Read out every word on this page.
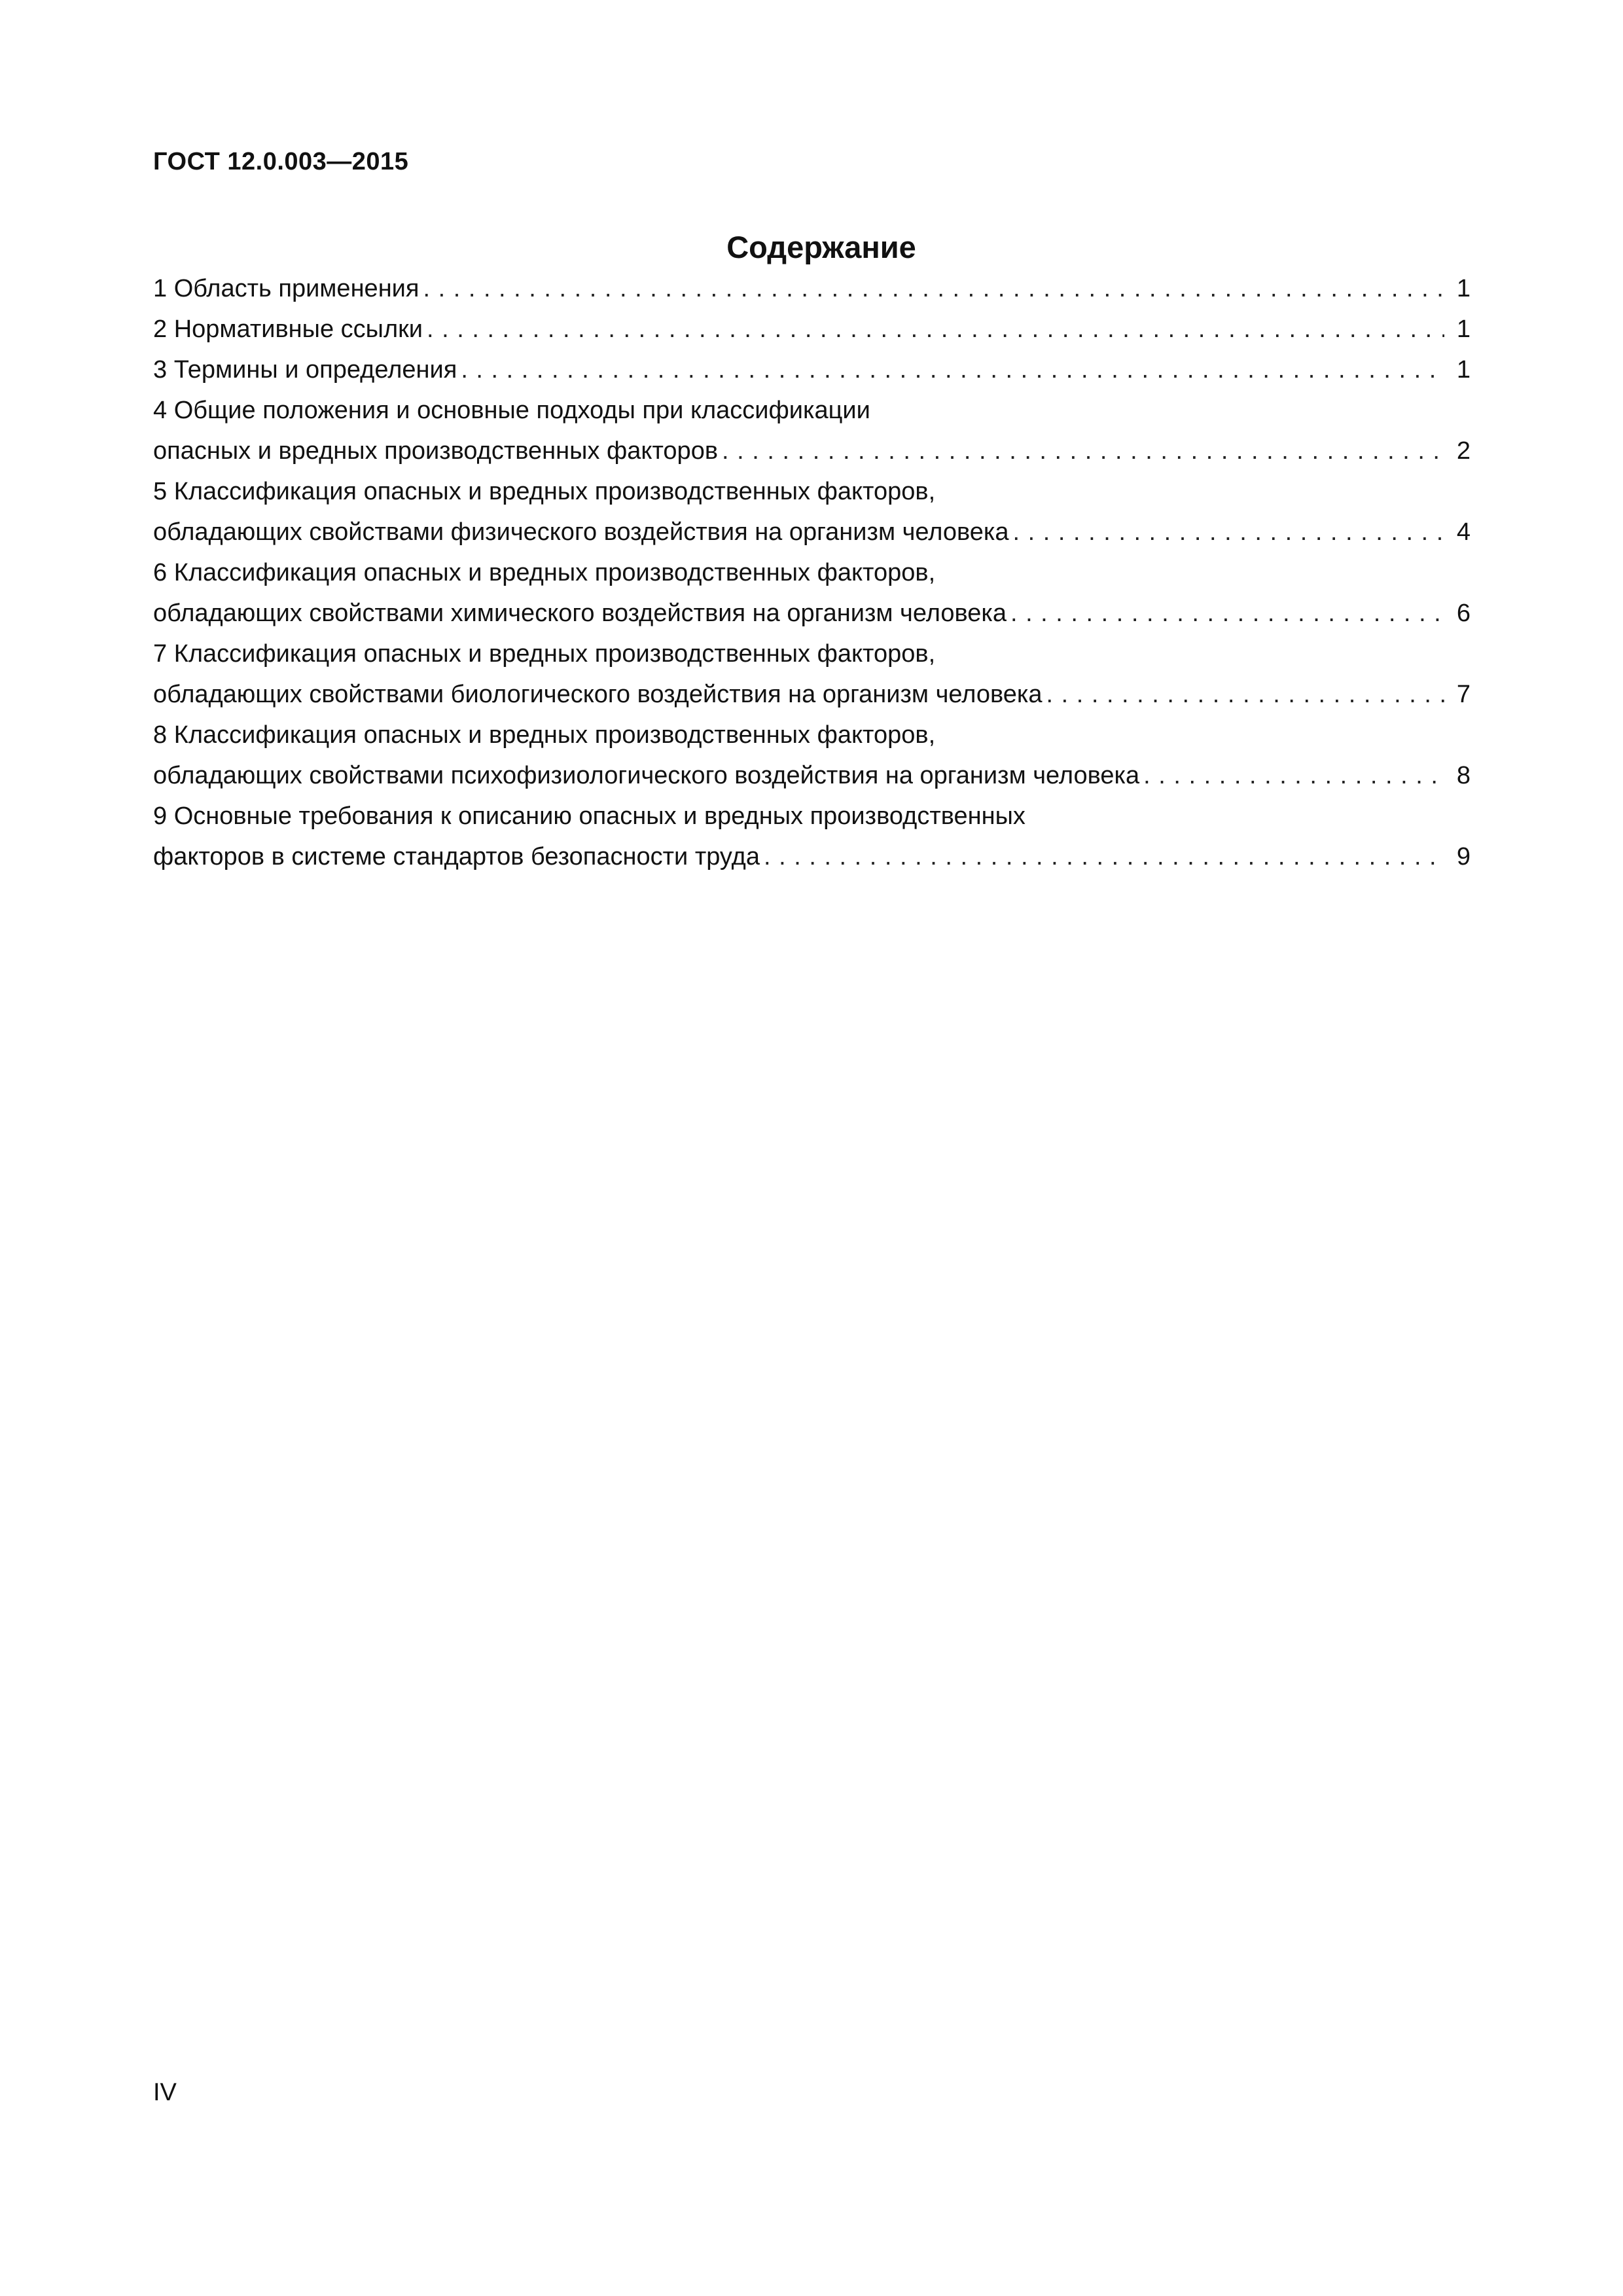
ГОСТ 12.0.003—2015
Содержание
1 Область применения . . .	1
2 Нормативные ссылки . . .	1
3 Термины и определения . . .	1
4 Общие положения и основные подходы при классификации
опасных и вредных производственных факторов . . .	2
5 Классификация опасных и вредных производственных факторов,
обладающих свойствами физического воздействия на организм человека . . .	4
6 Классификация опасных и вредных производственных факторов,
обладающих свойствами химического воздействия на организм человека . . .	6
7 Классификация опасных и вредных производственных факторов,
обладающих свойствами биологического воздействия на организм человека . . .	7
8 Классификация опасных и вредных производственных факторов,
обладающих свойствами психофизиологического воздействия на организм человека . . .	8
9 Основные требования к описанию опасных и вредных производственных
факторов в системе стандартов безопасности труда . . .	9
IV
